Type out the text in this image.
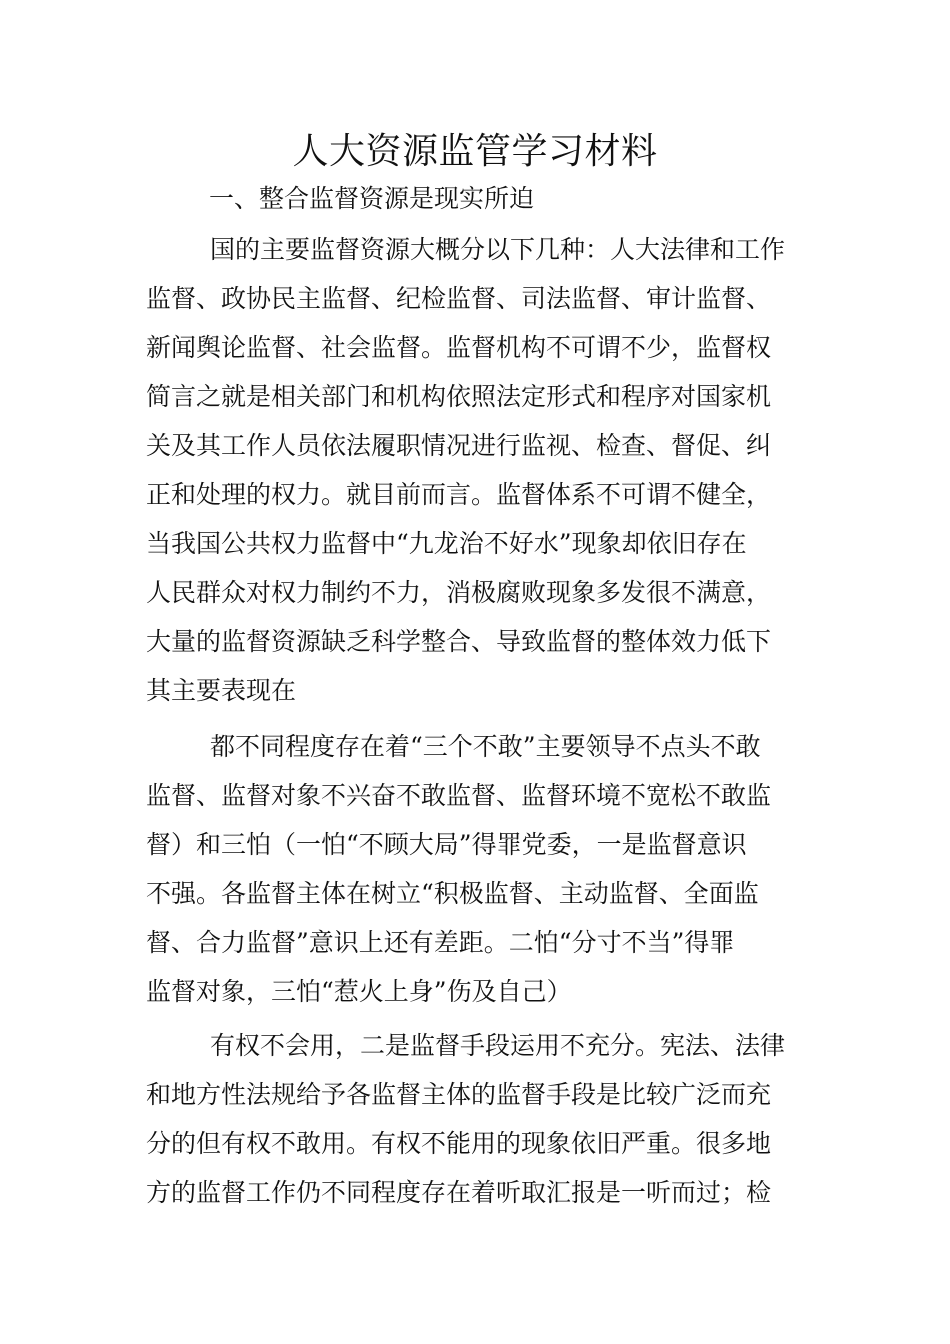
人大资源监管学习材料
一、整合监督资源是现实所迫
国的主要监督资源大概分以下几种：人大法律和工作
监督、政协民主监督、纪检监督、司法监督、审计监督、
新闻舆论监督、社会监督。监督机构不可谓不少，监督权
简言之就是相关部门和机构依照法定形式和程序对国家机
关及其工作人员依法履职情况进行监视、检查、督促、纠
正和处理的权力。就目前而言。监督体系不可谓不健全，
当我国公共权力监督中“九龙治不好水”现象却依旧存在
人民群众对权力制约不力，消极腐败现象多发很不满意，
大量的监督资源缺乏科学整合、导致监督的整体效力低下
其主要表现在
都不同程度存在着“三个不敢”主要领导不点头不敢
监督、监督对象不兴奋不敢监督、监督环境不宽松不敢监
督）和三怕（一怕“不顾大局”得罪党委，一是监督意识
不强。各监督主体在树立“积极监督、主动监督、全面监
督、合力监督”意识上还有差距。二怕“分寸不当”得罪
监督对象，三怕“惹火上身”伤及自己）
有权不会用，二是监督手段运用不充分。宪法、法律
和地方性法规给予各监督主体的监督手段是比较广泛而充
分的但有权不敢用。有权不能用的现象依旧严重。很多地
方的监督工作仍不同程度存在着听取汇报是一听而过；检
